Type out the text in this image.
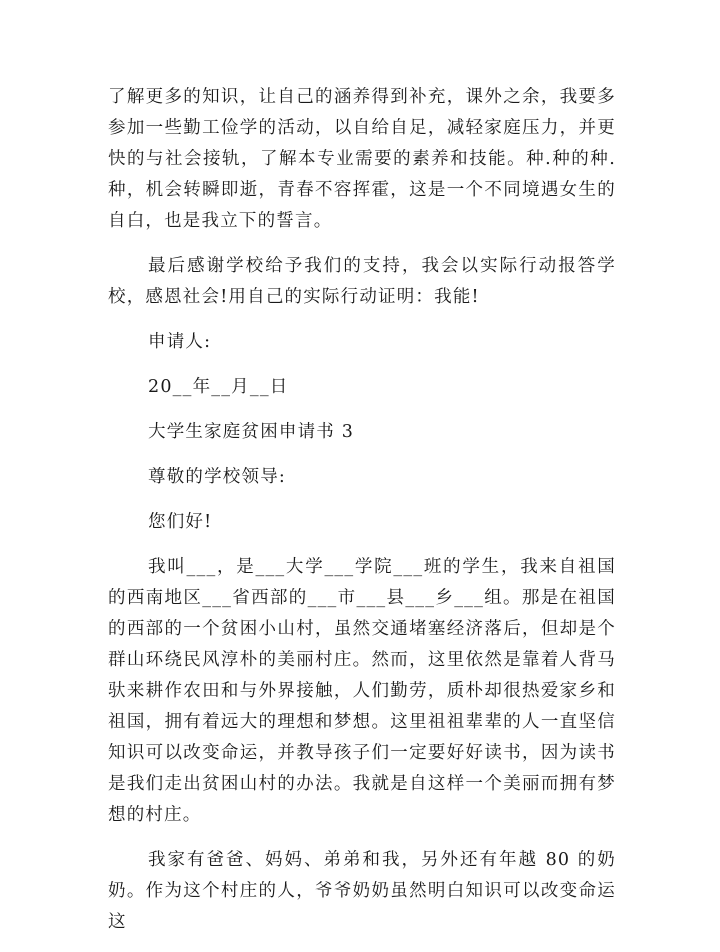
了解更多的知识，让自己的涵养得到补充，课外之余，我要多参加一些勤工俭学的活动，以自给自足，减轻家庭压力，并更快的与社会接轨，了解本专业需要的素养和技能。种.种的种.种，机会转瞬即逝，青春不容挥霍，这是一个不同境遇女生的自白，也是我立下的誓言。

最后感谢学校给予我们的支持，我会以实际行动报答学校，感恩社会!用自己的实际行动证明：我能!

申请人:

20__年__月__日

大学生家庭贫困申请书 3

尊敬的学校领导:

您们好!

我叫___，是___大学___学院___班的学生，我来自祖国的西南地区___省西部的___市___县___乡___组。那是在祖国的西部的一个贫困小山村，虽然交通堵塞经济落后，但却是个群山环绕民风淳朴的美丽村庄。然而，这里依然是靠着人背马驮来耕作农田和与外界接触，人们勤劳，质朴却很热爱家乡和祖国，拥有着远大的理想和梦想。这里祖祖辈辈的人一直坚信知识可以改变命运，并教导孩子们一定要好好读书，因为读书是我们走出贫困山村的办法。我就是自这样一个美丽而拥有梦想的村庄。

我家有爸爸、妈妈、弟弟和我，另外还有年越 80 的奶奶。作为这个村庄的人，爷爷奶奶虽然明白知识可以改变命运这
